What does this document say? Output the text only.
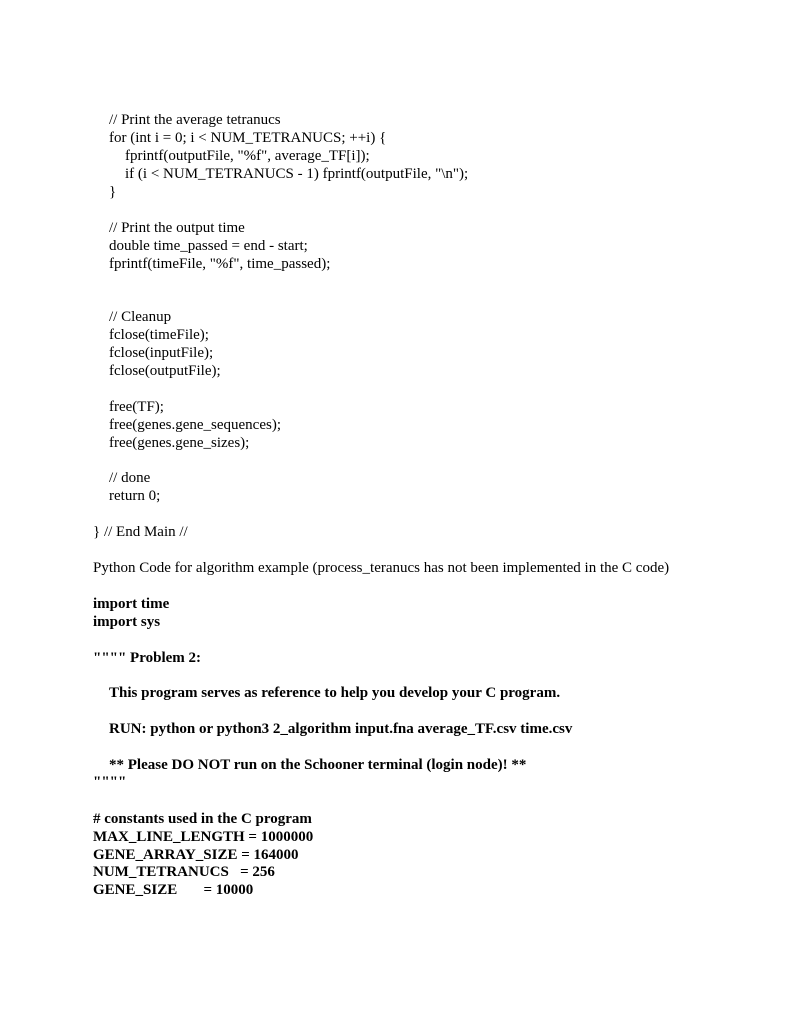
// Print the average tetranucs
for (int i = 0; i < NUM_TETRANUCS; ++i) {
fprintf(outputFile, "%f", average_TF[i]);
if (i < NUM_TETRANUCS - 1) fprintf(outputFile, "\n");
}
// Print the output time
double time_passed = end - start;
fprintf(timeFile, "%f", time_passed);
// Cleanup
fclose(timeFile);
fclose(inputFile);
fclose(outputFile);
free(TF);
free(genes.gene_sequences);
free(genes.gene_sizes);
// done
return 0;
} // End Main //
Python Code for algorithm example (process_teranucs has not been implemented in the C code)
import time
import sys
"""" Problem 2:
This program serves as reference to help you develop your C program.
RUN: python or python3 2_algorithm input.fna average_TF.csv time.csv
** Please DO NOT run on the Schooner terminal (login node)! **
""""
# constants used in the C program
MAX_LINE_LENGTH = 1000000
GENE_ARRAY_SIZE = 164000
NUM_TETRANUCS   = 256
GENE_SIZE       = 10000
